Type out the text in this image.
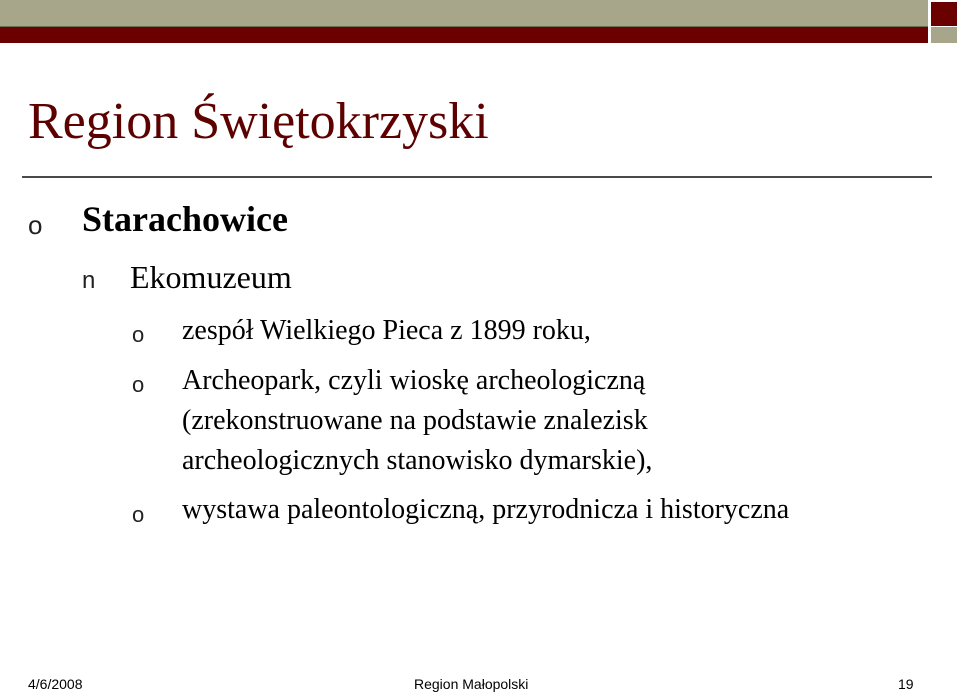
Region Świętokrzyski
o Starachowice
n Ekomuzeum
o zespół Wielkiego Pieca z 1899 roku,
o Archeopark, czyli wioskę archeologiczną
(zrekonstruowane na podstawie znalezisk
archeologicznych stanowisko dymarskie),
o wystawa paleontologiczną, przyrodnicza i historyczna
4/6/2008	Region Małopolski	19
